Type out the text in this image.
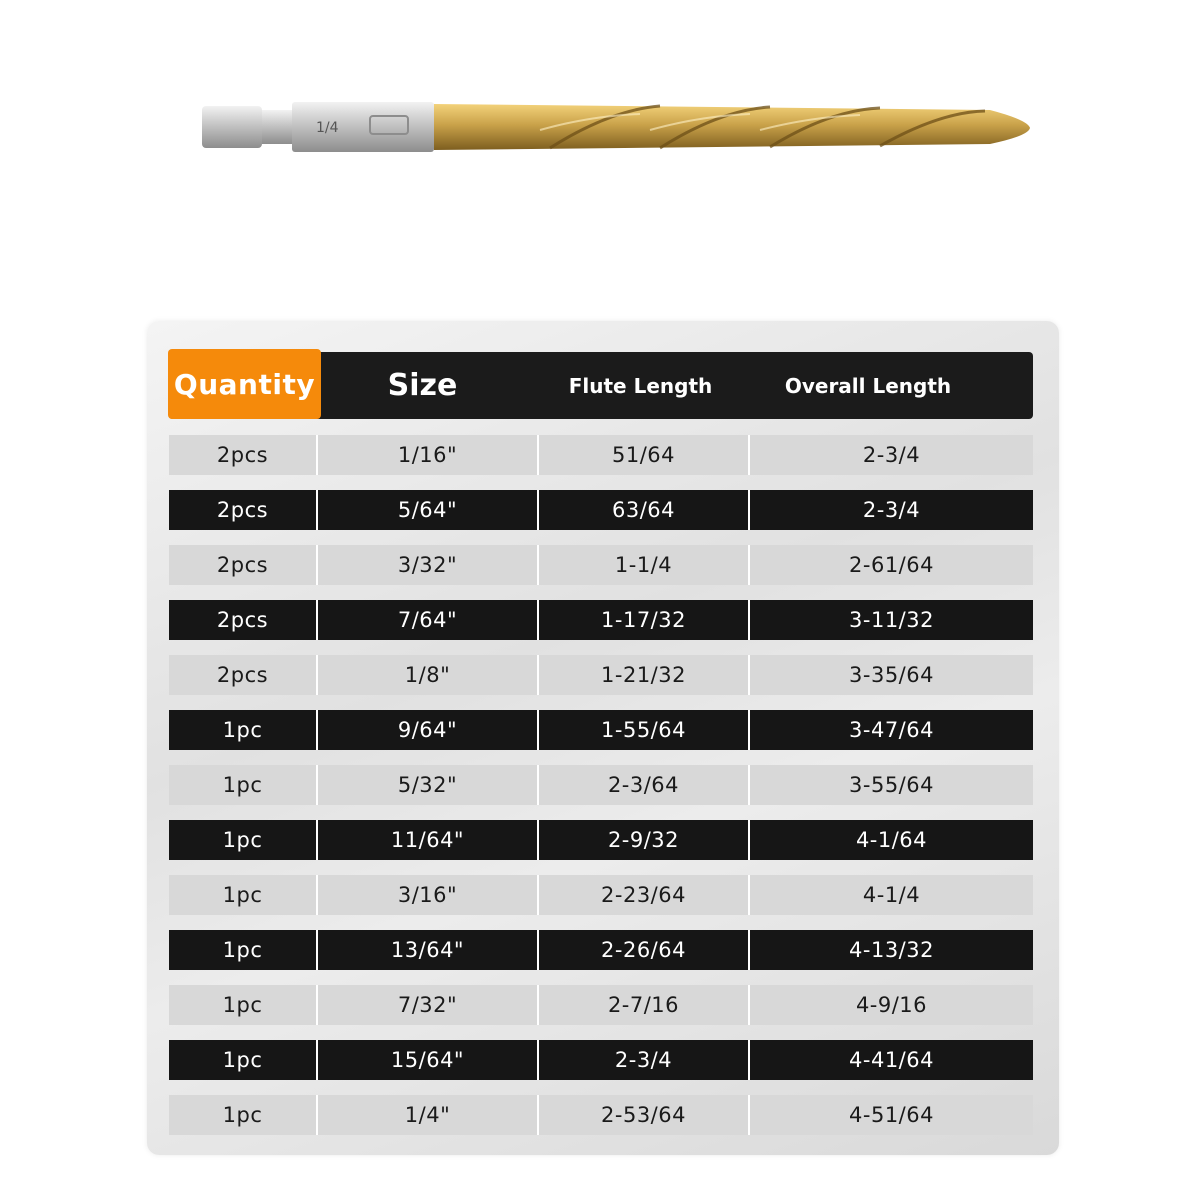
1/4
Quantity	Size	Flute Length	Overall Length
2pcs	1/16"	51/64	2-3/4
2pcs	5/64"	63/64	2-3/4
2pcs	3/32"	1-1/4	2-61/64
2pcs	7/64"	1-17/32	3-11/32
2pcs	1/8"	1-21/32	3-35/64
1pc	9/64"	1-55/64	3-47/64
1pc	5/32"	2-3/64	3-55/64
1pc	11/64"	2-9/32	4-1/64
1pc	3/16"	2-23/64	4-1/4
1pc	13/64"	2-26/64	4-13/32
1pc	7/32"	2-7/16	4-9/16
1pc	15/64"	2-3/4	4-41/64
1pc	1/4"	2-53/64	4-51/64
